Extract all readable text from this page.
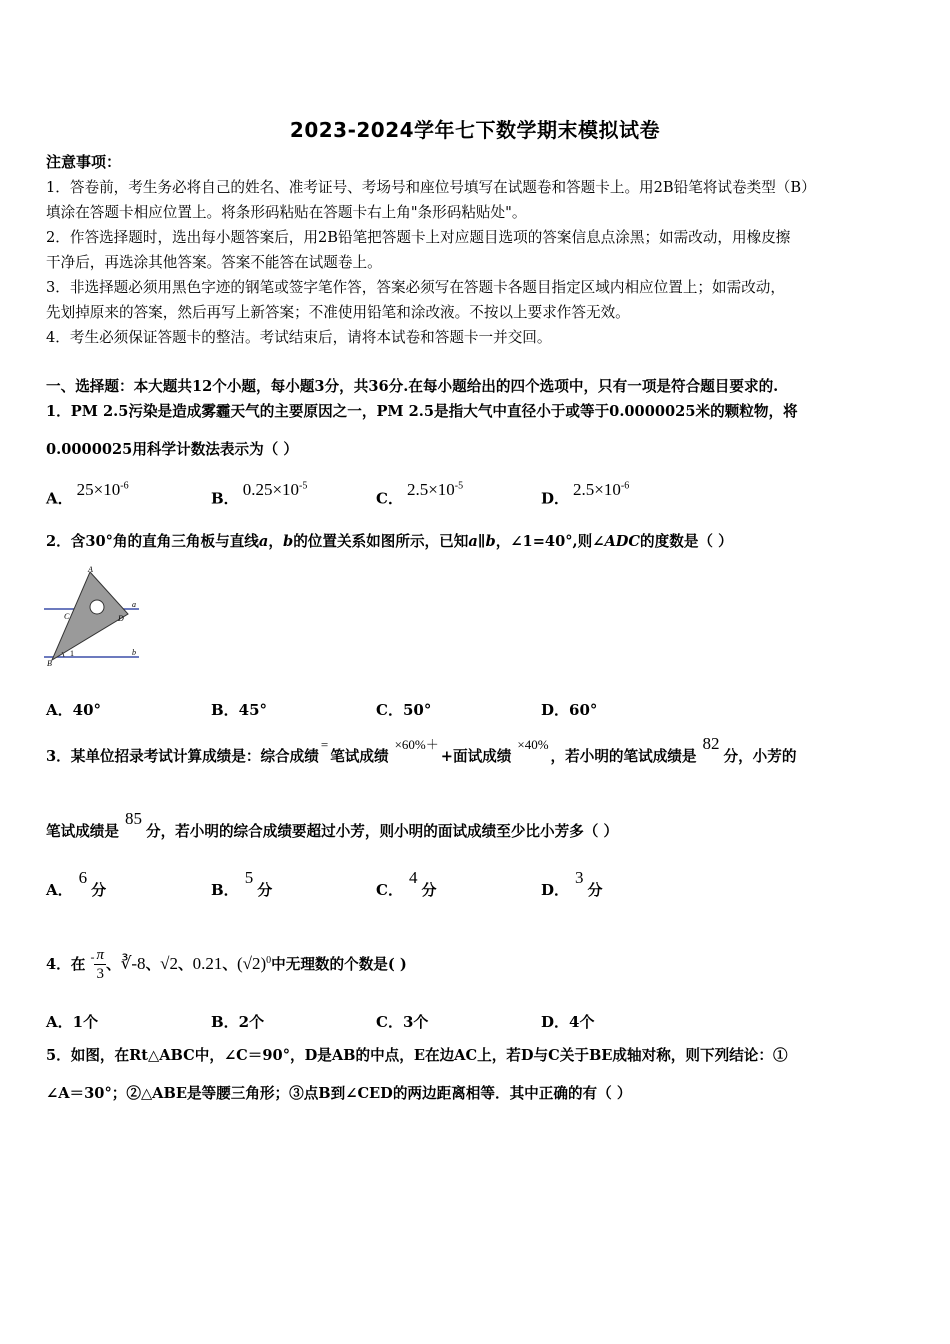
2023-2024学年七下数学期末模拟试卷
注意事项：
1．答卷前，考生务必将自己的姓名、准考证号、考场号和座位号填写在试题卷和答题卡上。用2B铅笔将试卷类型（B）
填涂在答题卡相应位置上。将条形码粘贴在答题卡右上角"条形码粘贴处"。
2．作答选择题时，选出每小题答案后，用2B铅笔把答题卡上对应题目选项的答案信息点涂黑；如需改动，用橡皮擦
干净后，再选涂其他答案。答案不能答在试题卷上。
3．非选择题必须用黑色字迹的钢笔或签字笔作答，答案必须写在答题卡各题目指定区域内相应位置上；如需改动，
先划掉原来的答案，然后再写上新答案；不准使用铅笔和涂改液。不按以上要求作答无效。
4．考生必须保证答题卡的整洁。考试结束后，请将本试卷和答题卡一并交回。
一、选择题：本大题共12个小题，每小题3分，共36分.在每小题给出的四个选项中，只有一项是符合题目要求的.
1．PM 2.5污染是造成雾霾天气的主要原因之一，PM 2.5是指大气中直径小于或等于0.0000025米的颗粒物，将
0.0000025用科学计数法表示为（ ）
A． $25\times 10^{-6}$
B． $0.25\times 10^{-5}$
C． $2.5\times 10^{-5}$
D． $2.5\times 10^{-6}$
2．含30°角的直角三角板与直线a，b的位置关系如图所示，已知a∥b，∠1=40°,则∠ADC的度数是（ ）
A
C	D
B
1
a
b
A．40°	B．45°	C．50°	D．60°
3．某单位招录考试计算成绩是：综合成绩=笔试成绩×60%＋+面试成绩×40%，若小明的笔试成绩是82分，小芳的
笔试成绩是85分，若小明的综合成绩要超过小芳，则小明的面试成绩至少比小芳多（ ）
A．6分	B．5分	C．4分	D．3分
4．在 $^- \frac{\pi}{3}$ 、∛-8、√2、0.21、$(√2)^0$中无理数的个数是( )
A．1个	B．2个	C．3个	D．4个
5．如图，在Rt△ABC中，∠C＝90°，D是AB的中点，E在边AC上，若D与C关于BE成轴对称，则下列结论：①
∠A＝30°；②△ABE是等腰三角形；③点B到∠CED的两边距离相等．其中正确的有（ ）
